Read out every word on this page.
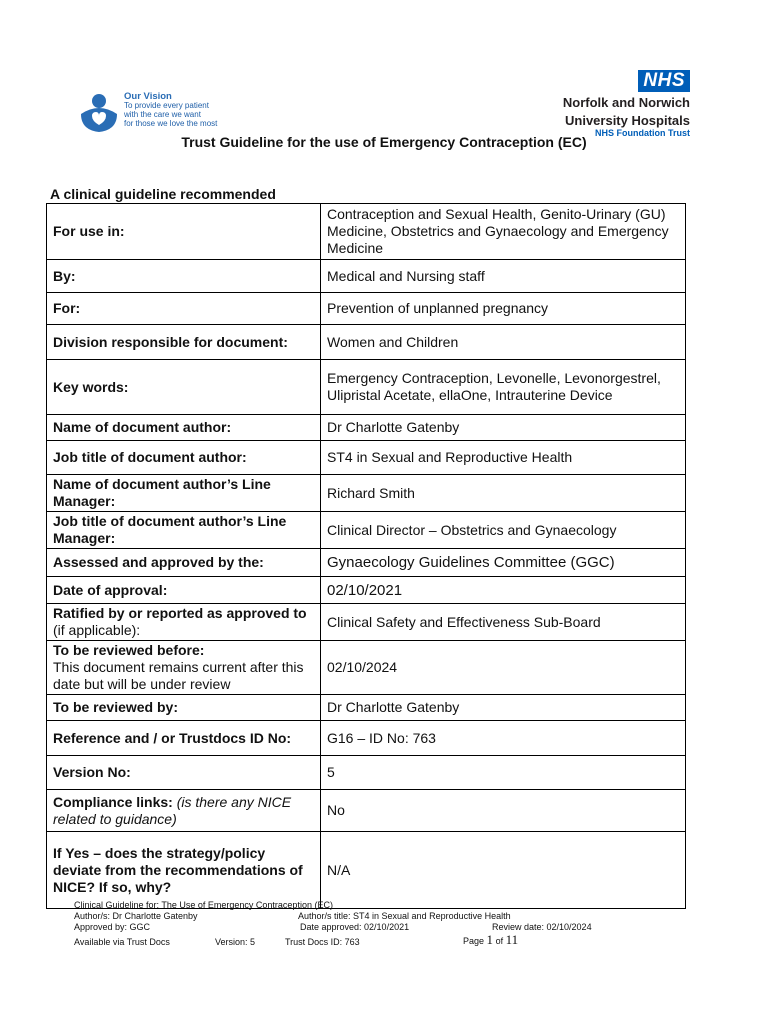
Our Vision
To provide every patient
with the care we want
for those we love the most
NHS
Norfolk and Norwich
University Hospitals
NHS Foundation Trust
Trust Guideline for the use of Emergency Contraception (EC)
A clinical guideline recommended
For use in:	Contraception and Sexual Health, Genito-Urinary (GU) Medicine, Obstetrics and Gynaecology and Emergency Medicine
By:	Medical and Nursing staff
For:	Prevention of unplanned pregnancy
Division responsible for document:	Women and Children
Key words:	Emergency Contraception, Levonelle, Levonorgestrel, Ulipristal Acetate, ellaOne, Intrauterine Device
Name of document author:	Dr Charlotte Gatenby
Job title of document author:	ST4 in Sexual and Reproductive Health
Name of document author’s Line Manager:	Richard Smith
Job title of document author’s Line Manager:	Clinical Director – Obstetrics and Gynaecology
Assessed and approved by the:	Gynaecology Guidelines Committee (GGC)
Date of approval:	02/10/2021
Ratified by or reported as approved to (if applicable):	Clinical Safety and Effectiveness Sub-Board

To be reviewed before:
This document remains current after this date but will be under review	02/10/2024
To be reviewed by:	Dr Charlotte Gatenby
Reference and / or Trustdocs ID No:	G16 – ID No: 763
Version No:	5
Compliance links: (is there any NICE related to guidance)	No
If Yes – does the strategy/policy deviate from the recommendations of NICE? If so, why?	N/A
Clinical Guideline for: The Use of Emergency Contraception (EC)
Author/s: Dr Charlotte Gatenby	Author/s title: ST4 in Sexual and Reproductive Health
Approved by: GGC	Date approved: 02/10/2021	Review date: 02/10/2024
Available via Trust Docs	Version: 5	Trust Docs ID: 763	Page 1 of 11
